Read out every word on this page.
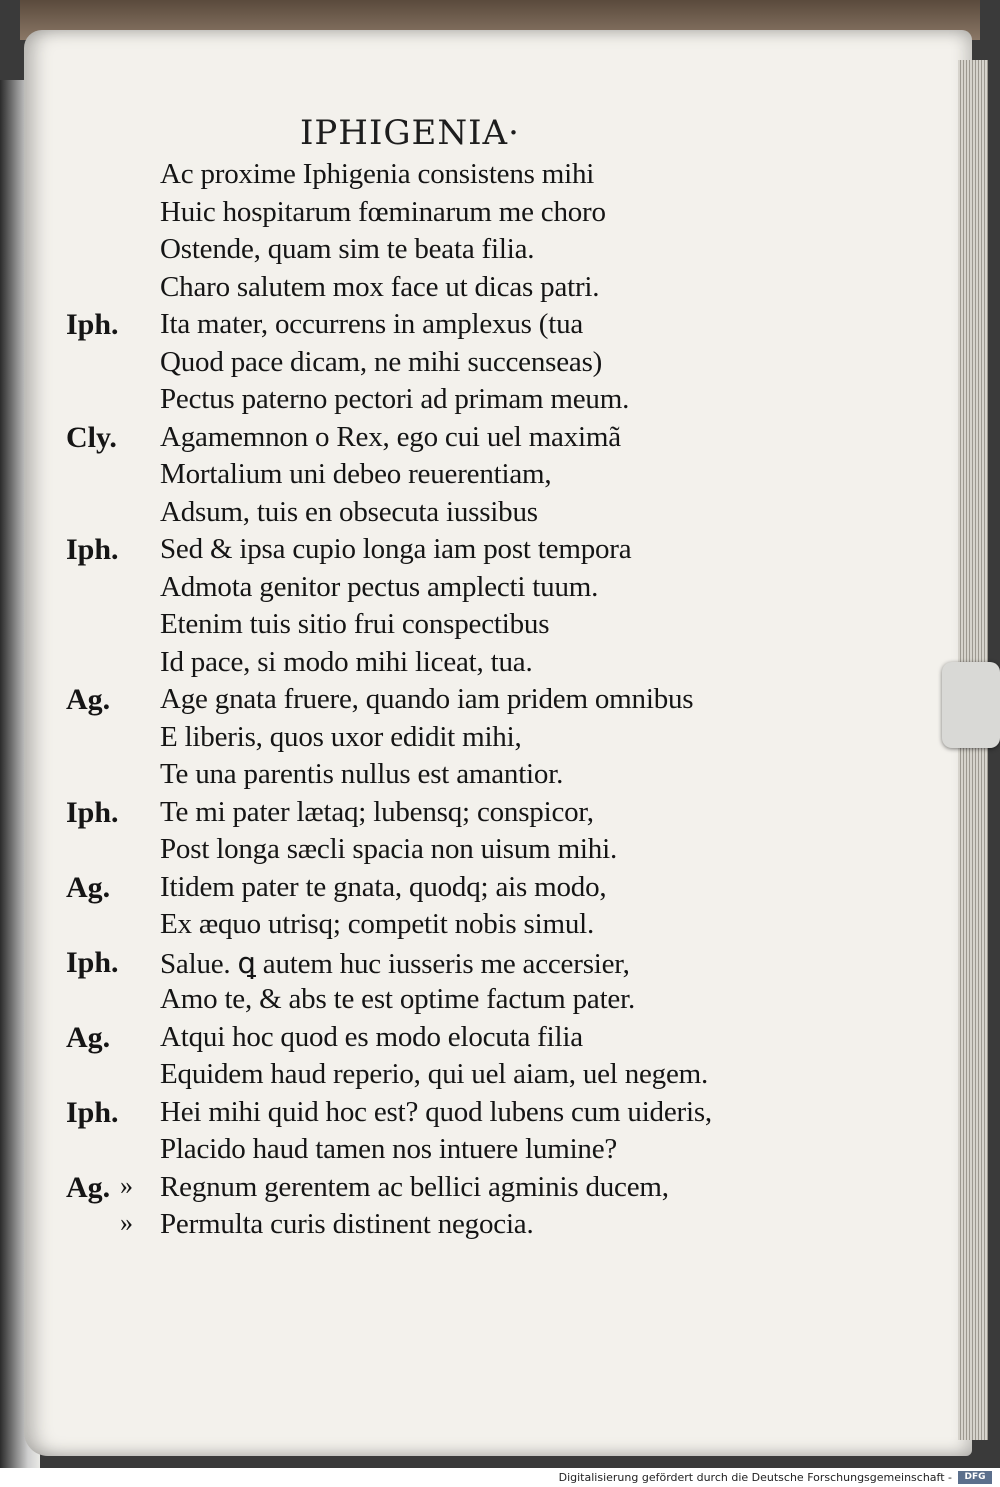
IPHIGENIA·
Ac proxime Iphigenia consistens mihi
Huic hospitarum fœminarum me choro
Ostende, quam sim te beata filia.
Charo salutem mox face ut dicas patri.
Iph.	Ita mater, occurrens in amplexus (tua
Quod pace dicam, ne mihi succenseas)
Pectus paterno pectori ad primam meum.
Cly.	Agamemnon o Rex, ego cui uel maximã
Mortalium uni debeo reuerentiam,
Adsum, tuis en obsecuta iussibus
Iph.	Sed & ipsa cupio longa iam post tempora
Admota genitor pectus amplecti tuum.
Etenim tuis sitio frui conspectibus
Id pace, si modo mihi liceat, tua.
Ag.	Age gnata fruere, quando iam pridem omnibus
E liberis, quos uxor edidit mihi,
Te una parentis nullus est amantior.
Iph.	Te mi pater lætaq; lubensq; conspicor,
Post longa sæcli spacia non uisum mihi.
Ag.	Itidem pater te gnata, quodq; ais modo,
Ex æquo utrisq; competit nobis simul.
Iph.	Salue. ꝗ autem huc iusseris me accersier,
Amo te, & abs te est optime factum pater.
Ag.	Atqui hoc quod es modo elocuta filia
Equidem haud reperio, qui uel aiam, uel negem.
Iph.	Hei mihi quid hoc est? quod lubens cum uideris,
Placido haud tamen nos intuere lumine?
Ag. » Regnum gerentem ac bellici agminis ducem,
» Permulta curis distinent negocia.
Digitalisierung gefördert durch die Deutsche Forschungsgemeinschaft -	DFG
